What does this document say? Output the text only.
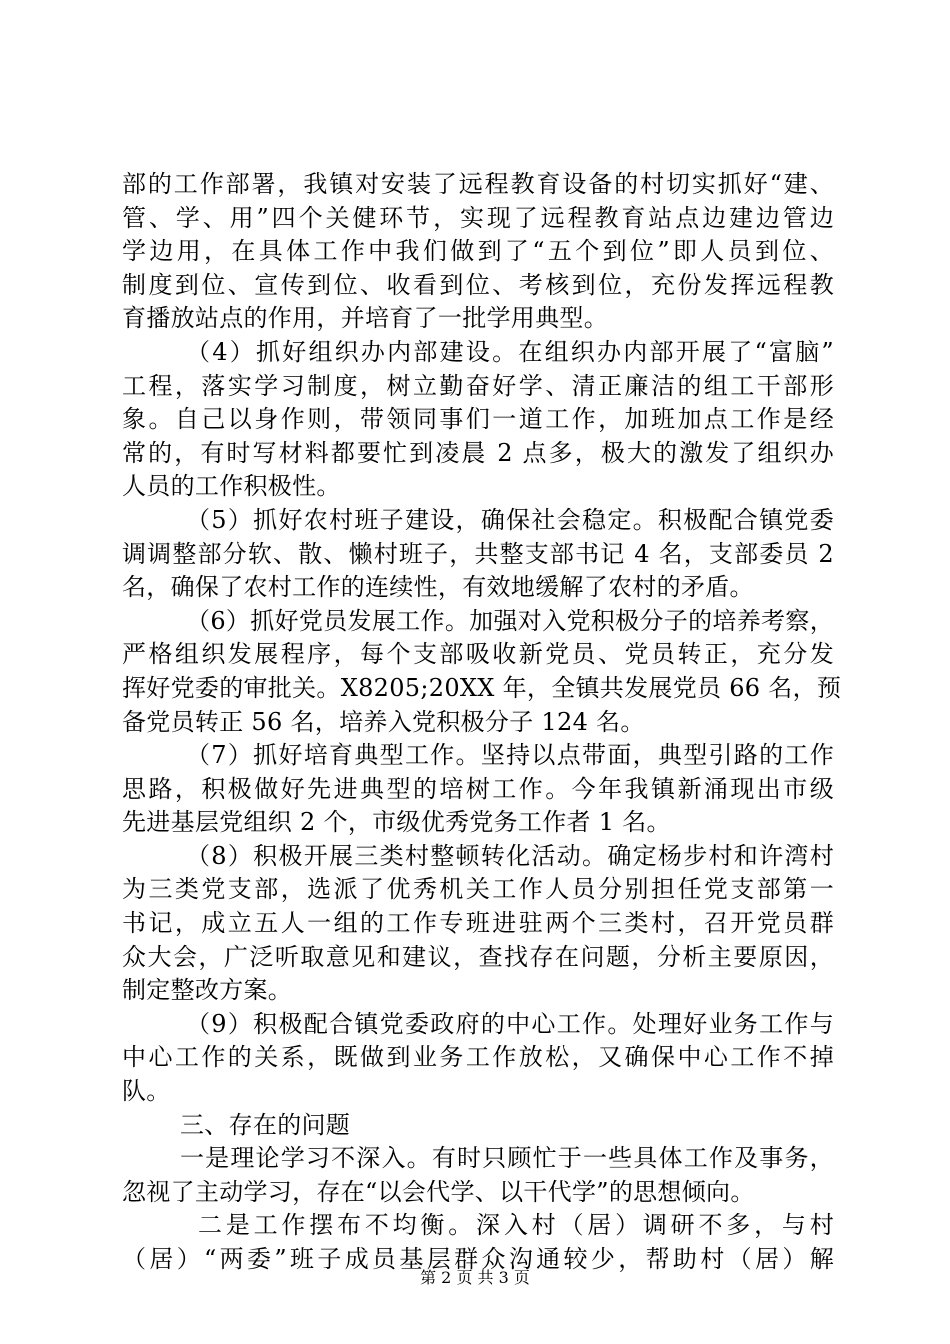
部的工作部署，我镇对安装了远程教育设备的村切实抓好“建、
管、学、用”四个关健环节，实现了远程教育站点边建边管边
学边用，在具体工作中我们做到了“五个到位”即人员到位、
制度到位、宣传到位、收看到位、考核到位，充份发挥远程教
育播放站点的作用，并培育了一批学用典型。
（4）抓好组织办内部建设。在组织办内部开展了“富脑”
工程，落实学习制度，树立勤奋好学、清正廉洁的组工干部形
象。自己以身作则，带领同事们一道工作，加班加点工作是经
常的，有时写材料都要忙到凌晨 2 点多，极大的激发了组织办
人员的工作积极性。
（5）抓好农村班子建设，确保社会稳定。积极配合镇党委
调调整部分软、散、懒村班子，共整支部书记 4 名，支部委员 2
名，确保了农村工作的连续性，有效地缓解了农村的矛盾。
（6）抓好党员发展工作。加强对入党积极分子的培养考察，
严格组织发展程序，每个支部吸收新党员、党员转正，充分发
挥好党委的审批关。X8205;20XX 年，全镇共发展党员 66 名，预
备党员转正 56 名，培养入党积极分子 124 名。
（7）抓好培育典型工作。坚持以点带面，典型引路的工作
思路，积极做好先进典型的培树工作。今年我镇新涌现出市级
先进基层党组织 2 个，市级优秀党务工作者 1 名。
（8）积极开展三类村整顿转化活动。确定杨步村和许湾村
为三类党支部，选派了优秀机关工作人员分别担任党支部第一
书记，成立五人一组的工作专班进驻两个三类村，召开党员群
众大会，广泛听取意见和建议，查找存在问题，分析主要原因，
制定整改方案。
（9）积极配合镇党委政府的中心工作。处理好业务工作与
中心工作的关系，既做到业务工作放松，又确保中心工作不掉
队。
三、存在的问题
一是理论学习不深入。有时只顾忙于一些具体工作及事务，
忽视了主动学习，存在“以会代学、以干代学”的思想倾向。
二是工作摆布不均衡。深入村（居）调研不多，与村
（居）“两委”班子成员基层群众沟通较少，帮助村（居）解
第 2 页 共 3 页
